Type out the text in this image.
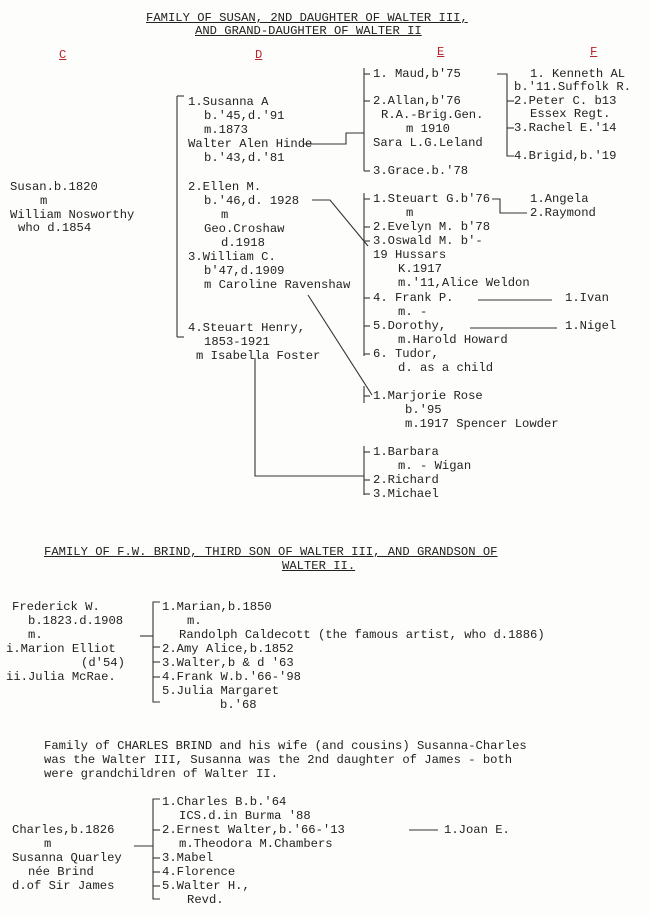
FAMILY OF SUSAN, 2ND DAUGHTER OF WALTER III,
AND GRAND-DAUGHTER OF WALTER II
C	D	E	F
Susan.b.1820
m
William Nosworthy
who d.1854
1.Susanna A
b.'45,d.'91
m.1873
Walter Alen Hinde
b.'43,d.'81
2.Ellen M.
b.'46,d. 1928
m
Geo.Croshaw
d.1918
3.William C.
b'47,d.1909
m Caroline Ravenshaw
4.Steuart Henry,
1853-1921
m Isabella Foster
1. Maud,b'75
2.Allan,b'76
R.A.-Brig.Gen.
m 1910
Sara L.G.Leland
3.Grace.b.'78
1.Steuart G.b'76
m
2.Evelyn M. b'78
3.Oswald M. b'-
19 Hussars
K.1917
m.'11,Alice Weldon
4. Frank P.
m. -
5.Dorothy,
m.Harold Howard
6. Tudor,
d. as a child
1.Marjorie Rose
b.'95
m.1917 Spencer Lowder
1.Barbara
m. - Wigan
2.Richard
3.Michael
1. Kenneth AL
b.'11.Suffolk R.
2.Peter C. b13
Essex Regt.
3.Rachel E.'14
4.Brigid,b.'19
1.Angela
2.Raymond
1.Ivan
1.Nigel
FAMILY OF F.W. BRIND, THIRD SON OF WALTER III, AND GRANDSON OF
WALTER II.
Frederick W.
b.1823.d.1908
m.
i.Marion Elliot
(d'54)
ii.Julia McRae.
1.Marian,b.1850
m.
Randolph Caldecott (the famous artist, who d.1886)
2.Amy Alice,b.1852
3.Walter,b & d '63
4.Frank W.b.'66-'98
5.Julia Margaret
b.'68
Family of CHARLES BRIND and his wife (and cousins) Susanna-Charles
was the Walter III, Susanna was the 2nd daughter of James - both
were grandchildren of Walter II.
Charles,b.1826
m
Susanna Quarley
née Brind
d.of Sir James
1.Charles B.b.'64
ICS.d.in Burma '88
2.Ernest Walter,b.'66-'13
m.Theodora M.Chambers
3.Mabel
4.Florence
5.Walter H.,
Revd.
1.Joan E.
